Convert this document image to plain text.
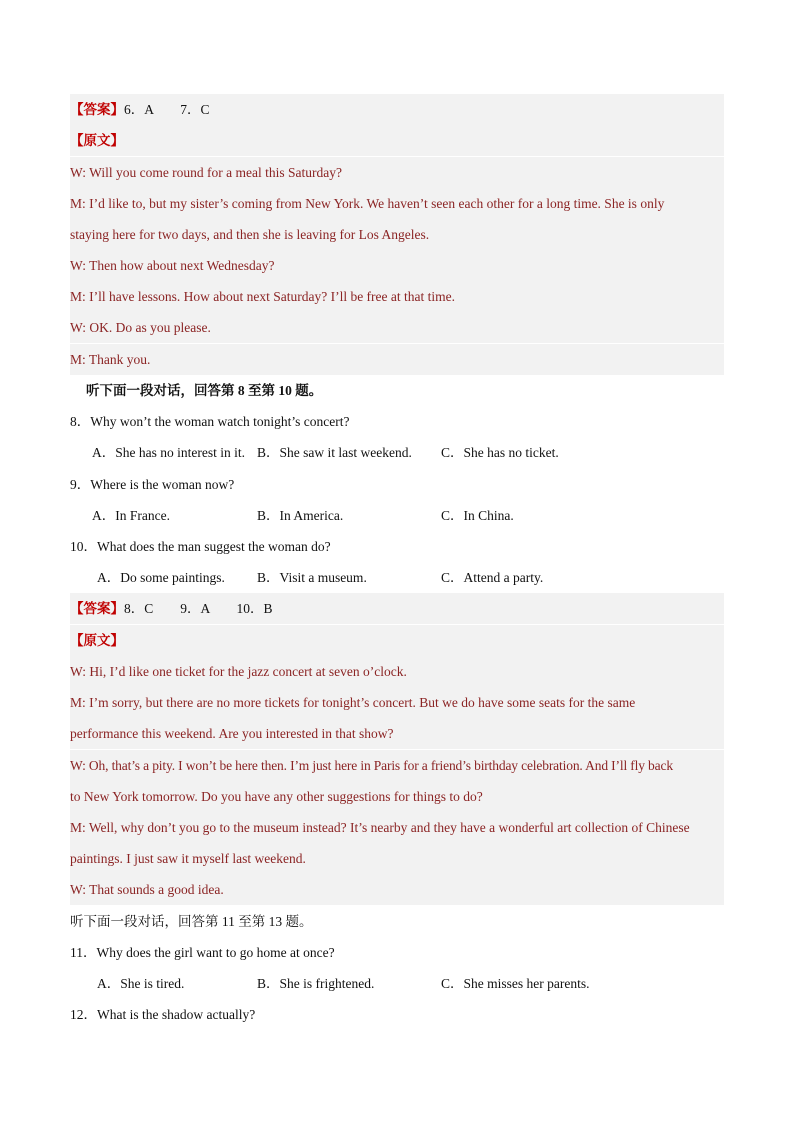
【答案】6．A　　7．C
【原文】
W: Will you come round for a meal this Saturday?
M: I’d like to, but my sister’s coming from New York. We haven’t seen each other for a long time. She is only
staying here for two days, and then she is leaving for Los Angeles.
W: Then how about next Wednesday?
M: I’ll have lessons. How about next Saturday? I’ll be free at that time.
W: OK. Do as you please.
M: Thank you.
听下面一段对话，回答第 8 至第 10 题。
8．Why won’t the woman watch tonight’s concert?
A．She has no interest in it. B．She saw it last weekend. C．She has no ticket.
9．Where is the woman now?
A．In France.	B．In America.	C．In China.
10．What does the man suggest the woman do?
A．Do some paintings. B．Visit a museum.	C．Attend a party.
【答案】8．C　　9．A　　10．B
【原文】
W: Hi, I’d like one ticket for the jazz concert at seven o’clock.
M: I’m sorry, but there are no more tickets for tonight’s concert. But we do have some seats for the same
performance this weekend. Are you interested in that show?
W: Oh, that’s a pity. I won’t be here then. I’m just here in Paris for a friend’s birthday celebration. And I’ll fly back
to New York tomorrow. Do you have any other suggestions for things to do?
M: Well, why don’t you go to the museum instead? It’s nearby and they have a wonderful art collection of Chinese
paintings. I just saw it myself last weekend.
W: That sounds a good idea.
听下面一段对话，回答第 11 至第 13 题。
11．Why does the girl want to go home at once?
A．She is tired.	B．She is frightened.	C．She misses her parents.
12．What is the shadow actually?
